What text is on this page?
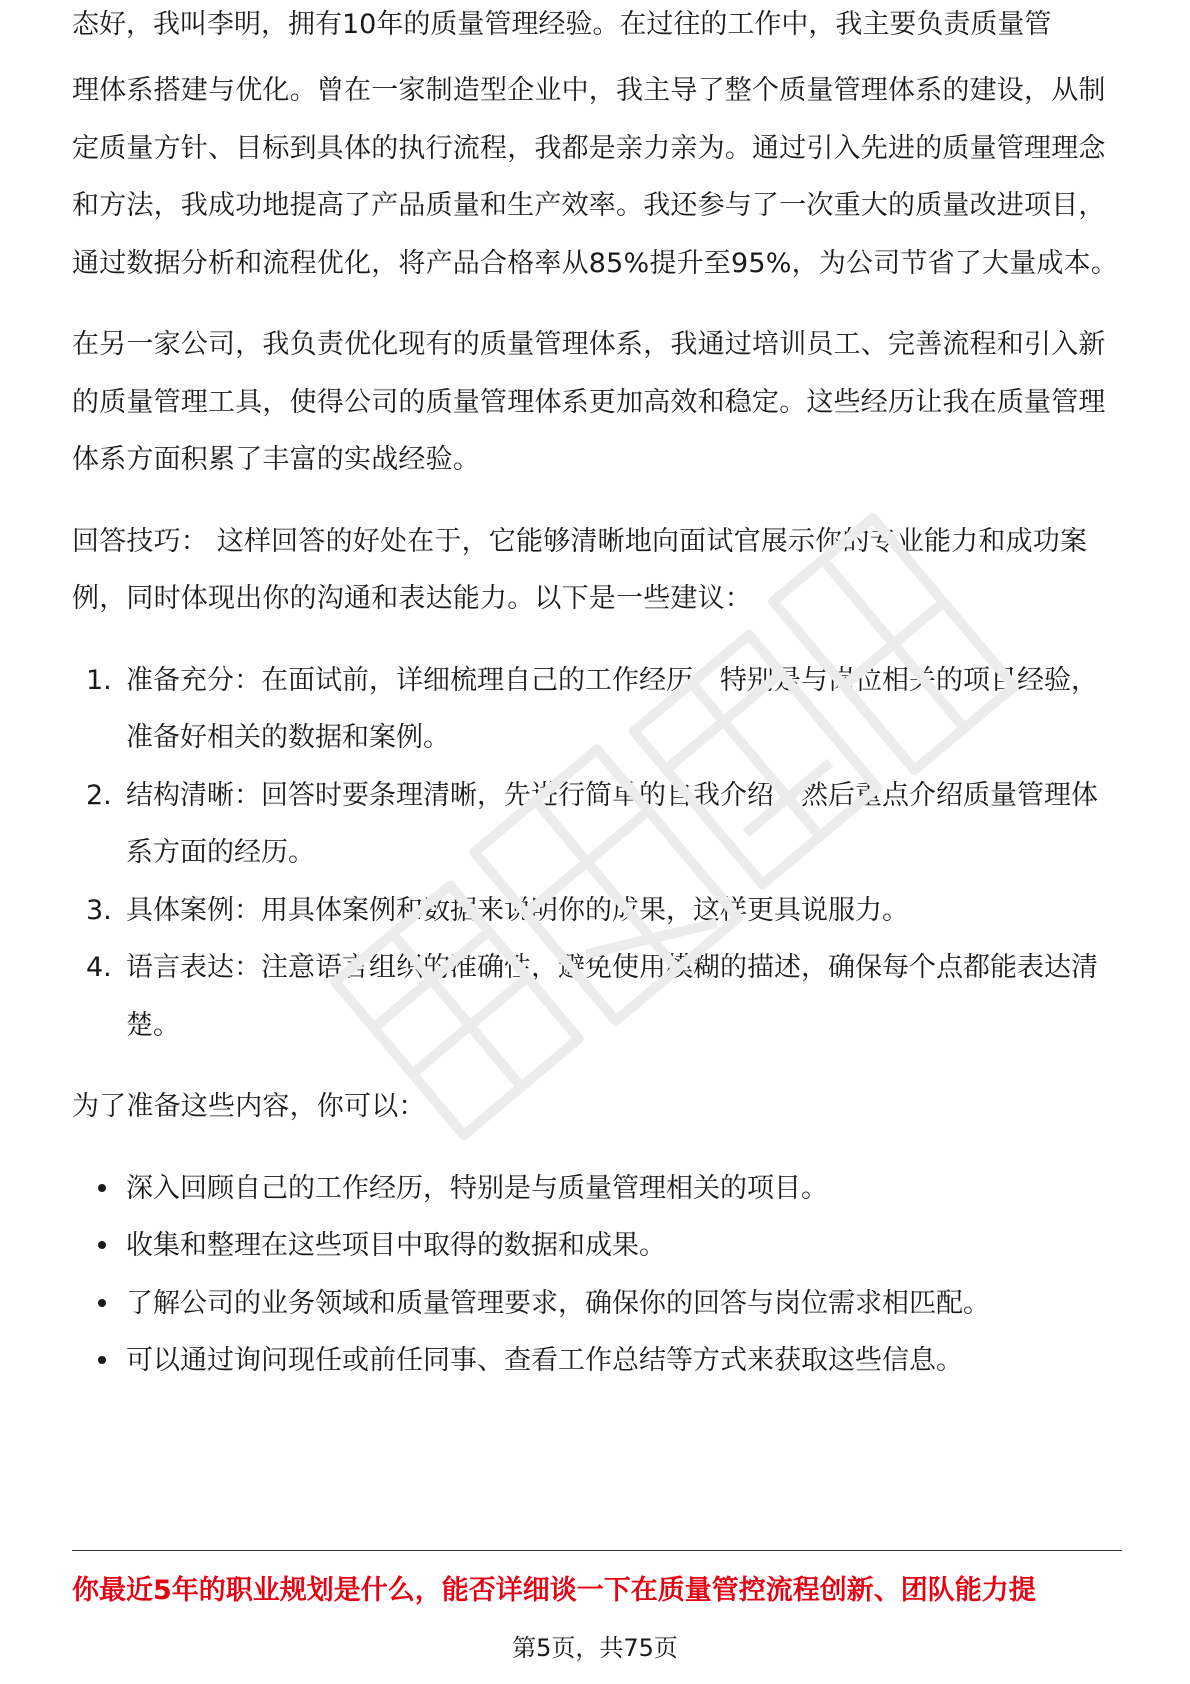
态好，我叫李明，拥有10年的质量管理经验。在过往的工作中，我主要负责质量管

理体系搭建与优化。曾在一家制造型企业中，我主导了整个质量管理体系的建设，从制定质量方针、目标到具体的执行流程，我都是亲力亲为。通过引入先进的质量管理理念和方法，我成功地提高了产品质量和生产效率。我还参与了一次重大的质量改进项目，通过数据分析和流程优化，将产品合格率从85%提升至95%，为公司节省了大量成本。

在另一家公司，我负责优化现有的质量管理体系，我通过培训员工、完善流程和引入新的质量管理工具，使得公司的质量管理体系更加高效和稳定。这些经历让我在质量管理体系方面积累了丰富的实战经验。

回答技巧： 这样回答的好处在于，它能够清晰地向面试官展示你的专业能力和成功案例，同时体现出你的沟通和表达能力。以下是一些建议：

1. 准备充分：在面试前，详细梳理自己的工作经历，特别是与岗位相关的项目经验，准备好相关的数据和案例。
2. 结构清晰：回答时要条理清晰，先进行简单的自我介绍，然后重点介绍质量管理体系方面的经历。
3. 具体案例：用具体案例和数据来说明你的成果，这样更具说服力。
4. 语言表达：注意语言组织的准确性，避免使用模糊的描述，确保每个点都能表达清楚。

为了准备这些内容，你可以：

深入回顾自己的工作经历，特别是与质量管理相关的项目。
收集和整理在这些项目中取得的数据和成果。
了解公司的业务领域和质量管理要求，确保你的回答与岗位需求相匹配。
可以通过询问现任或前任同事、查看工作总结等方式来获取这些信息。
你最近5年的职业规划是什么，能否详细谈一下在质量管控流程创新、团队能力提
第5页，共75页
